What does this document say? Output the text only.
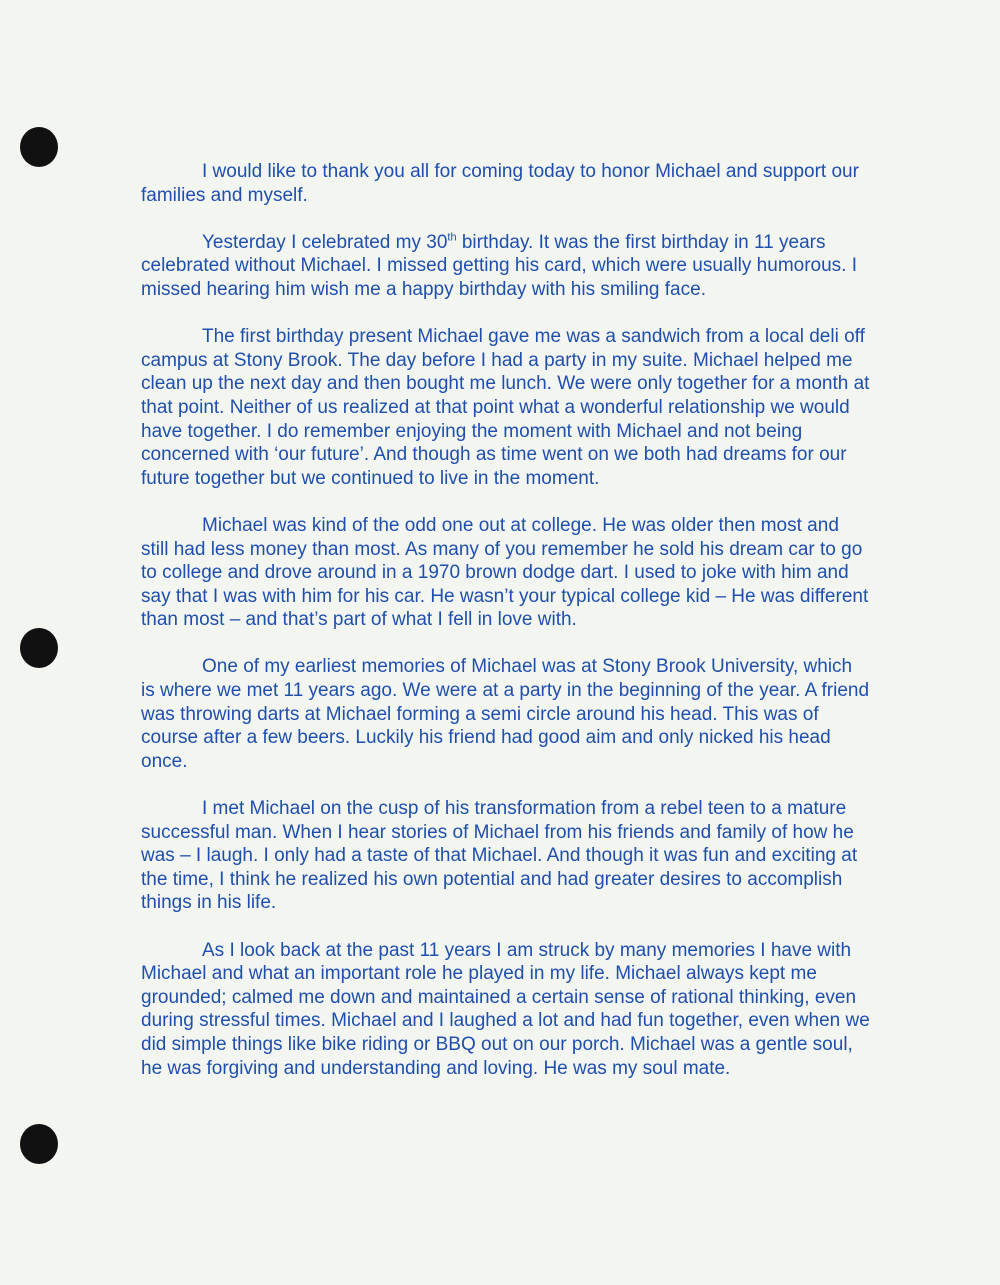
I would like to thank you all for coming today to honor Michael and support our families and myself.

Yesterday I celebrated my 30th birthday. It was the first birthday in 11 years celebrated without Michael. I missed getting his card, which were usually humorous. I missed hearing him wish me a happy birthday with his smiling face.

The first birthday present Michael gave me was a sandwich from a local deli off campus at Stony Brook. The day before I had a party in my suite. Michael helped me clean up the next day and then bought me lunch. We were only together for a month at that point. Neither of us realized at that point what a wonderful relationship we would have together. I do remember enjoying the moment with Michael and not being concerned with ‘our future’. And though as time went on we both had dreams for our future together but we continued to live in the moment.

Michael was kind of the odd one out at college. He was older then most and still had less money than most. As many of you remember he sold his dream car to go to college and drove around in a 1970 brown dodge dart. I used to joke with him and say that I was with him for his car. He wasn’t your typical college kid – He was different than most – and that’s part of what I fell in love with.

One of my earliest memories of Michael was at Stony Brook University, which is where we met 11 years ago. We were at a party in the beginning of the year. A friend was throwing darts at Michael forming a semi circle around his head. This was of course after a few beers. Luckily his friend had good aim and only nicked his head once.

I met Michael on the cusp of his transformation from a rebel teen to a mature successful man. When I hear stories of Michael from his friends and family of how he was – I laugh. I only had a taste of that Michael. And though it was fun and exciting at the time, I think he realized his own potential and had greater desires to accomplish things in his life.

As I look back at the past 11 years I am struck by many memories I have with Michael and what an important role he played in my life. Michael always kept me grounded; calmed me down and maintained a certain sense of rational thinking, even during stressful times. Michael and I laughed a lot and had fun together, even when we did simple things like bike riding or BBQ out on our porch. Michael was a gentle soul, he was forgiving and understanding and loving. He was my soul mate.
